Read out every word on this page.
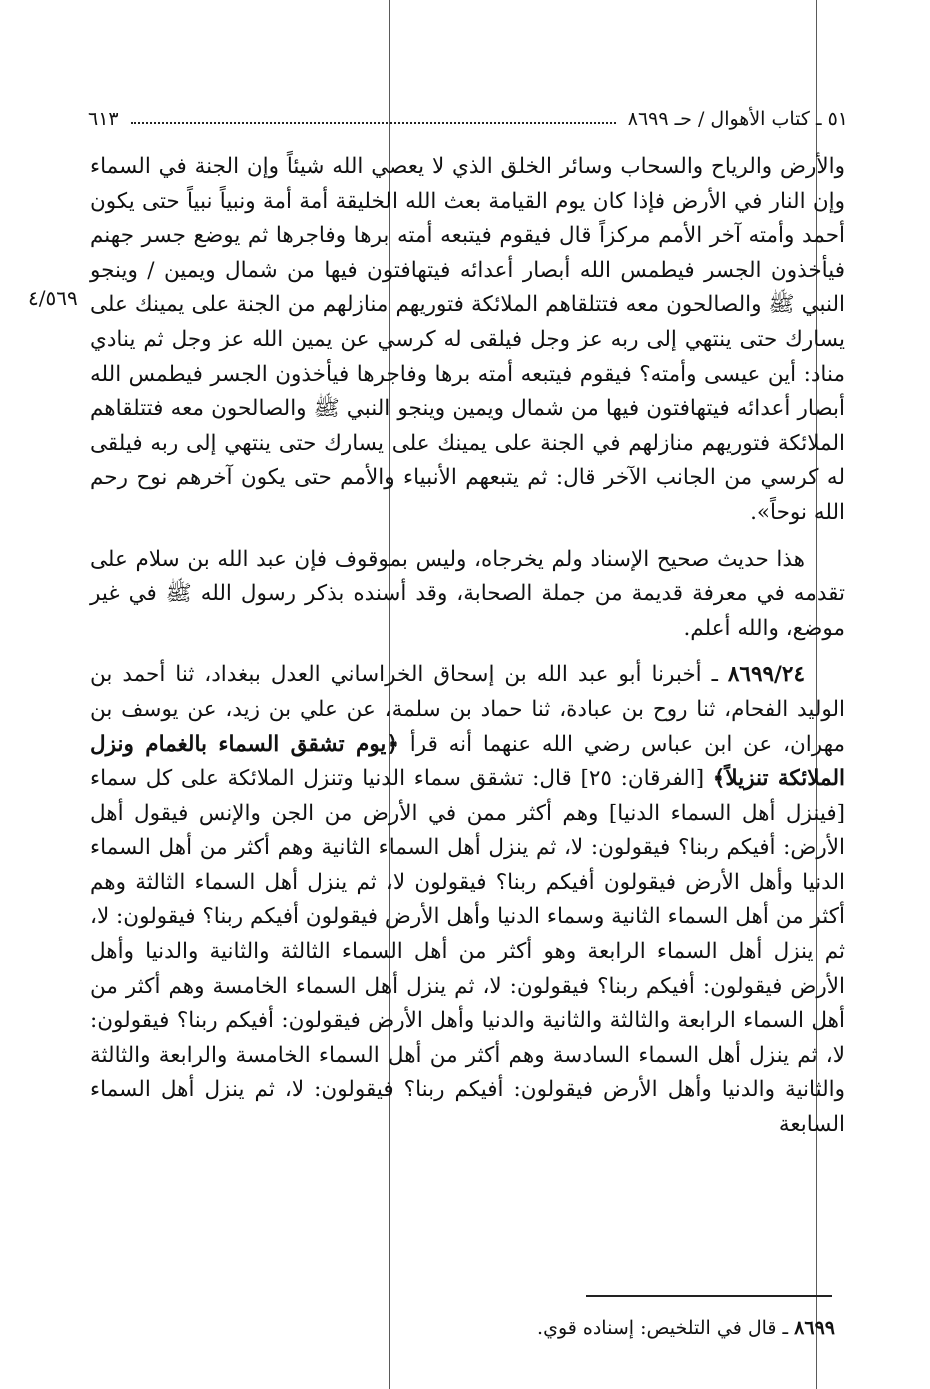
٥١ ـ كتاب الأهوال / حـ ٨٦٩٩
٦١٣
٤/٥٦٩

والأرض والرياح والسحاب وسائر الخلق الذي لا يعصي الله شيئاً وإن الجنة في السماء وإن النار في الأرض فإذا كان يوم القيامة بعث الله الخليقة أمة أمة ونبياً نبياً حتى يكون أحمد وأمته آخر الأمم مركزاً قال فيقوم فيتبعه أمته برها وفاجرها ثم يوضع جسر جهنم فيأخذون الجسر فيطمس الله أبصار أعدائه فيتهافتون فيها من شمال ويمين / وينجو النبي ﷺ والصالحون معه فتتلقاهم الملائكة فتوريهم منازلهم من الجنة على يمينك على يسارك حتى ينتهي إلى ربه عز وجل فيلقى له كرسي عن يمين الله عز وجل ثم ينادي مناد: أين عيسى وأمته؟ فيقوم فيتبعه أمته برها وفاجرها فيأخذون الجسر فيطمس الله أبصار أعدائه فيتهافتون فيها من شمال ويمين وينجو النبي ﷺ والصالحون معه فتتلقاهم الملائكة فتوريهم منازلهم في الجنة على يمينك على يسارك حتى ينتهي إلى ربه فيلقى له كرسي من الجانب الآخر قال: ثم يتبعهم الأنبياء والأمم حتى يكون آخرهم نوح رحم الله نوحاً».

هذا حديث صحيح الإسناد ولم يخرجاه، وليس بموقوف فإن عبد الله بن سلام على تقدمه في معرفة قديمة من جملة الصحابة، وقد أسنده بذكر رسول الله ﷺ في غير موضع، والله أعلم.

٨٦٩٩/٢٤ ـ أخبرنا أبو عبد الله بن إسحاق الخراساني العدل ببغداد، ثنا أحمد بن الوليد الفحام، ثنا روح بن عبادة، ثنا حماد بن سلمة، عن علي بن زيد، عن يوسف بن مهران، عن ابن عباس رضي الله عنهما أنه قرأ ﴿يوم تشقق السماء بالغمام ونزل الملائكة تنزيلاً﴾ [الفرقان: ٢٥] قال: تشقق سماء الدنيا وتنزل الملائكة على كل سماء [فينزل أهل السماء الدنيا] وهم أكثر ممن في الأرض من الجن والإنس فيقول أهل الأرض: أفيكم ربنا؟ فيقولون: لا، ثم ينزل أهل السماء الثانية وهم أكثر من أهل السماء الدنيا وأهل الأرض فيقولون أفيكم ربنا؟ فيقولون لا، ثم ينزل أهل السماء الثالثة وهم أكثر من أهل السماء الثانية وسماء الدنيا وأهل الأرض فيقولون أفيكم ربنا؟ فيقولون: لا، ثم ينزل أهل السماء الرابعة وهو أكثر من أهل السماء الثالثة والثانية والدنيا وأهل الأرض فيقولون: أفيكم ربنا؟ فيقولون: لا، ثم ينزل أهل السماء الخامسة وهم أكثر من أهل السماء الرابعة والثالثة والثانية والدنيا وأهل الأرض فيقولون: أفيكم ربنا؟ فيقولون: لا، ثم ينزل أهل السماء السادسة وهم أكثر من أهل السماء الخامسة والرابعة والثالثة والثانية والدنيا وأهل الأرض فيقولون: أفيكم ربنا؟ فيقولون: لا، ثم ينزل أهل السماء السابعة

٨٦٩٩ ـ قال في التلخيص: إسناده قوي.
